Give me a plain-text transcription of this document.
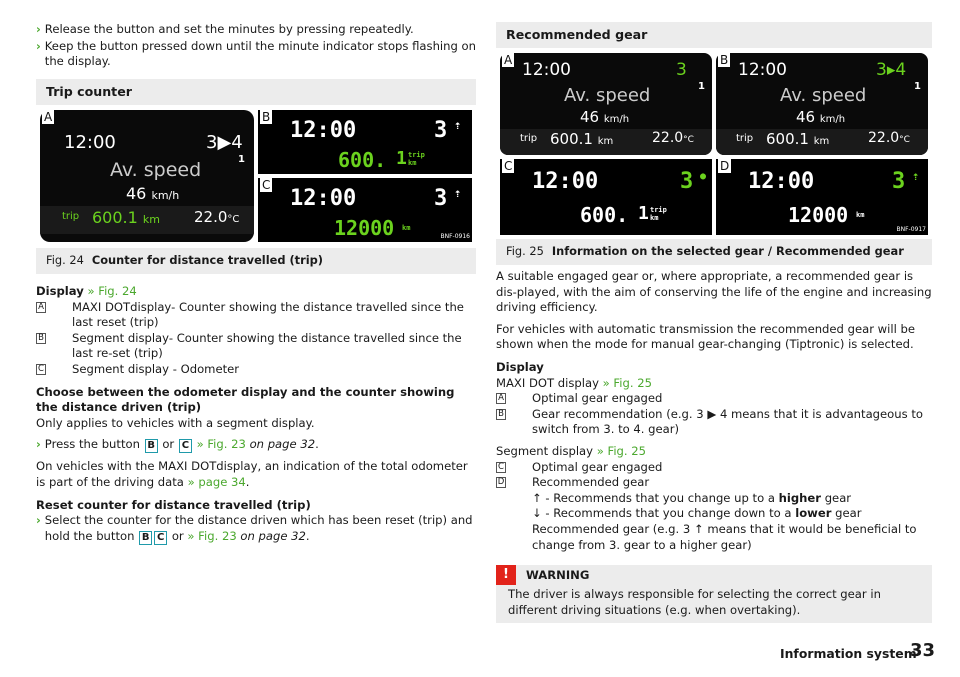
› Release the button and set the minutes by pressing repeatedly.
› Keep the button pressed down until the minute indicator stops flashing on the display.
Trip counter
12:00	3▶4
1
Av. speed
46 km/h
trip 600.1 km 22.0°C
12:00	3 ⇡
600. 1 trip
km
12:00	3 ⇡
12000 km
BNF-0916
A	B
C
Fig. 24 Counter for distance travelled (trip)
Display » Fig. 24
A	MAXI DOTdisplay- Counter showing the distance travelled since the last reset (trip)
B	Segment display- Counter showing the distance travelled since the last re-set (trip)
C	Segment display - Odometer
Choose between the odometer display and the counter showing the distance driven (trip)
Only applies to vehicles with a segment display.
› Press the button B or C » Fig. 23 on page 32.
On vehicles with the MAXI DOTdisplay, an indication of the total odometer is part of the driving data » page 34.
Reset counter for distance travelled (trip)
› Select the counter for the distance driven which has been reset (trip) and hold the button B C or » Fig. 23 on page 32.
Recommended gear
12:00	3
1
Av. speed
46 km/h
trip 600.1 km	22.0°C
12:00	3▸4
1
Av. speed
46 km/h
trip 600.1 km	22.0°C
12:00	3 ●
600. 1 trip
km
12:00	3 ⇡
12000 km
BNF-0917
A	B
C	D
Fig. 25 Information on the selected gear / Recommended gear
A suitable engaged gear or, where appropriate, a recommended gear is dis-played, with the aim of conserving the life of the engine and increasing driving efficiency.
For vehicles with automatic transmission the recommended gear will be shown when the mode for manual gear-changing (Tiptronic) is selected.
Display
MAXI DOT display » Fig. 25
A	Optimal gear engaged
B	Gear recommendation (e.g. 3 ▶ 4 means that it is advantageous to switch from 3. to 4. gear)
Segment display » Fig. 25
C	Optimal gear engaged
D	Recommended gear
↑ - Recommends that you change up to a higher gear
↓ - Recommends that you change down to a lower gear
Recommended gear (e.g. 3 ↑ means that it would be beneficial to change from 3. gear to a higher gear)
!	WARNING
The driver is always responsible for selecting the correct gear in different driving situations (e.g. when overtaking).
Information system
33
